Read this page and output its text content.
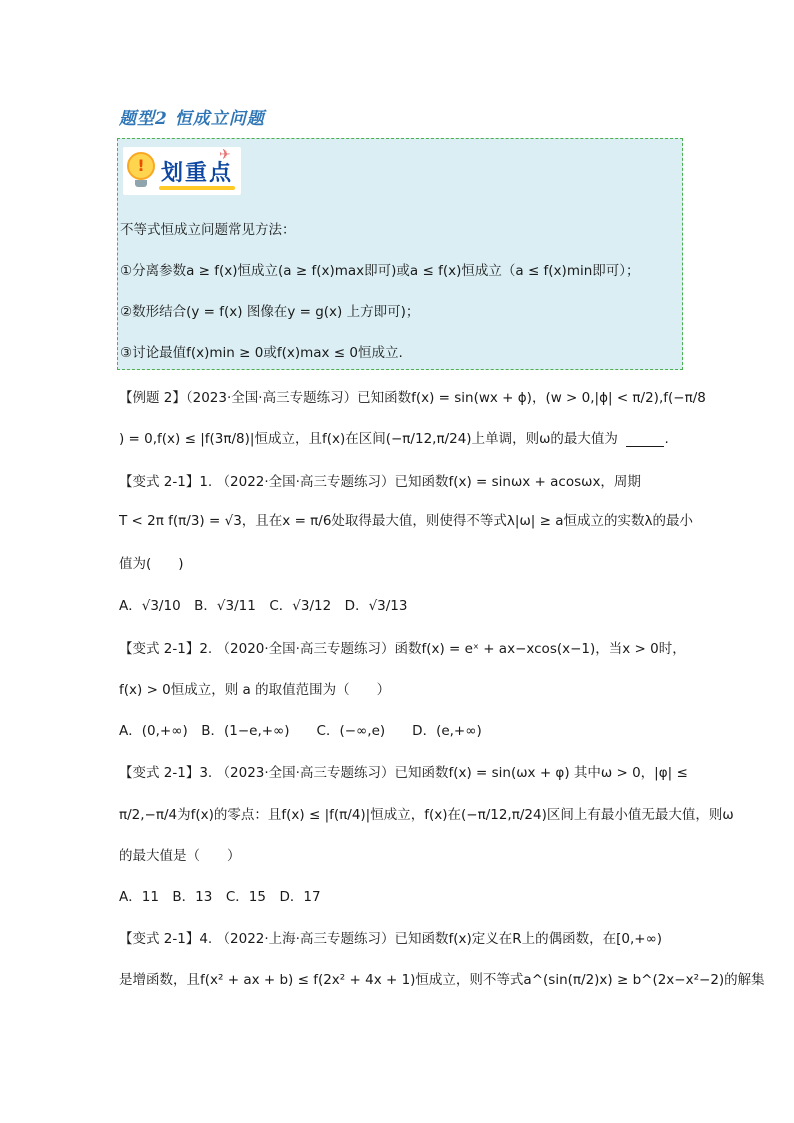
题型2 恒成立问题
! 划重点
✈
不等式恒成立问题常见方法：
①分离参数a ≥ f(x)恒成立(a ≥ f(x)max即可)或a ≤ f(x)恒成立（a ≤ f(x)min即可）；
②数形结合(y = f(x) 图像在y = g(x) 上方即可)；
③讨论最值f(x)min ≥ 0或f(x)max ≤ 0恒成立.
【例题 2】（2023·全国·高三专题练习）已知函数f(x) = sin(wx + ϕ)，(w > 0,|ϕ| < π/2),f(−π/8
) = 0,f(x) ≤ |f(3π/8)|恒成立，且f(x)在区间(−π/12,π/24)上单调，则ω的最大值为	.
【变式 2-1】1. （2022·全国·高三专题练习）已知函数f(x) = sinωx + acosωx，周期
T < 2π f(π/3) = √3，且在x = π/6处取得最大值，则使得不等式λ|ω| ≥ a恒成立的实数λ的最小
值为(　　)
A．√3/10　B．√3/11　C．√3/12　D．√3/13
【变式 2-1】2. （2020·全国·高三专题练习）函数f(x) = eˣ + ax−xcos(x−1)，当x > 0时，
f(x) > 0恒成立，则 a 的取值范围为（　　）
A．(0,+∞)　B．(1−e,+∞)　　C．(−∞,e)　　D．(e,+∞)
【变式 2-1】3. （2023·全国·高三专题练习）已知函数f(x) = sin(ωx + φ) 其中ω > 0，|φ| ≤
π/2,−π/4为f(x)的零点：且f(x) ≤ |f(π/4)|恒成立，f(x)在(−π/12,π/24)区间上有最小值无最大值，则ω
的最大值是（　　）
A．11　B．13　C．15　D．17
【变式 2-1】4. （2022·上海·高三专题练习）已知函数f(x)定义在R上的偶函数，在[0,+∞)
是增函数，且f(x² + ax + b) ≤ f(2x² + 4x + 1)恒成立，则不等式a^(sin(π/2)x) ≥ b^(2x−x²−2)的解集
